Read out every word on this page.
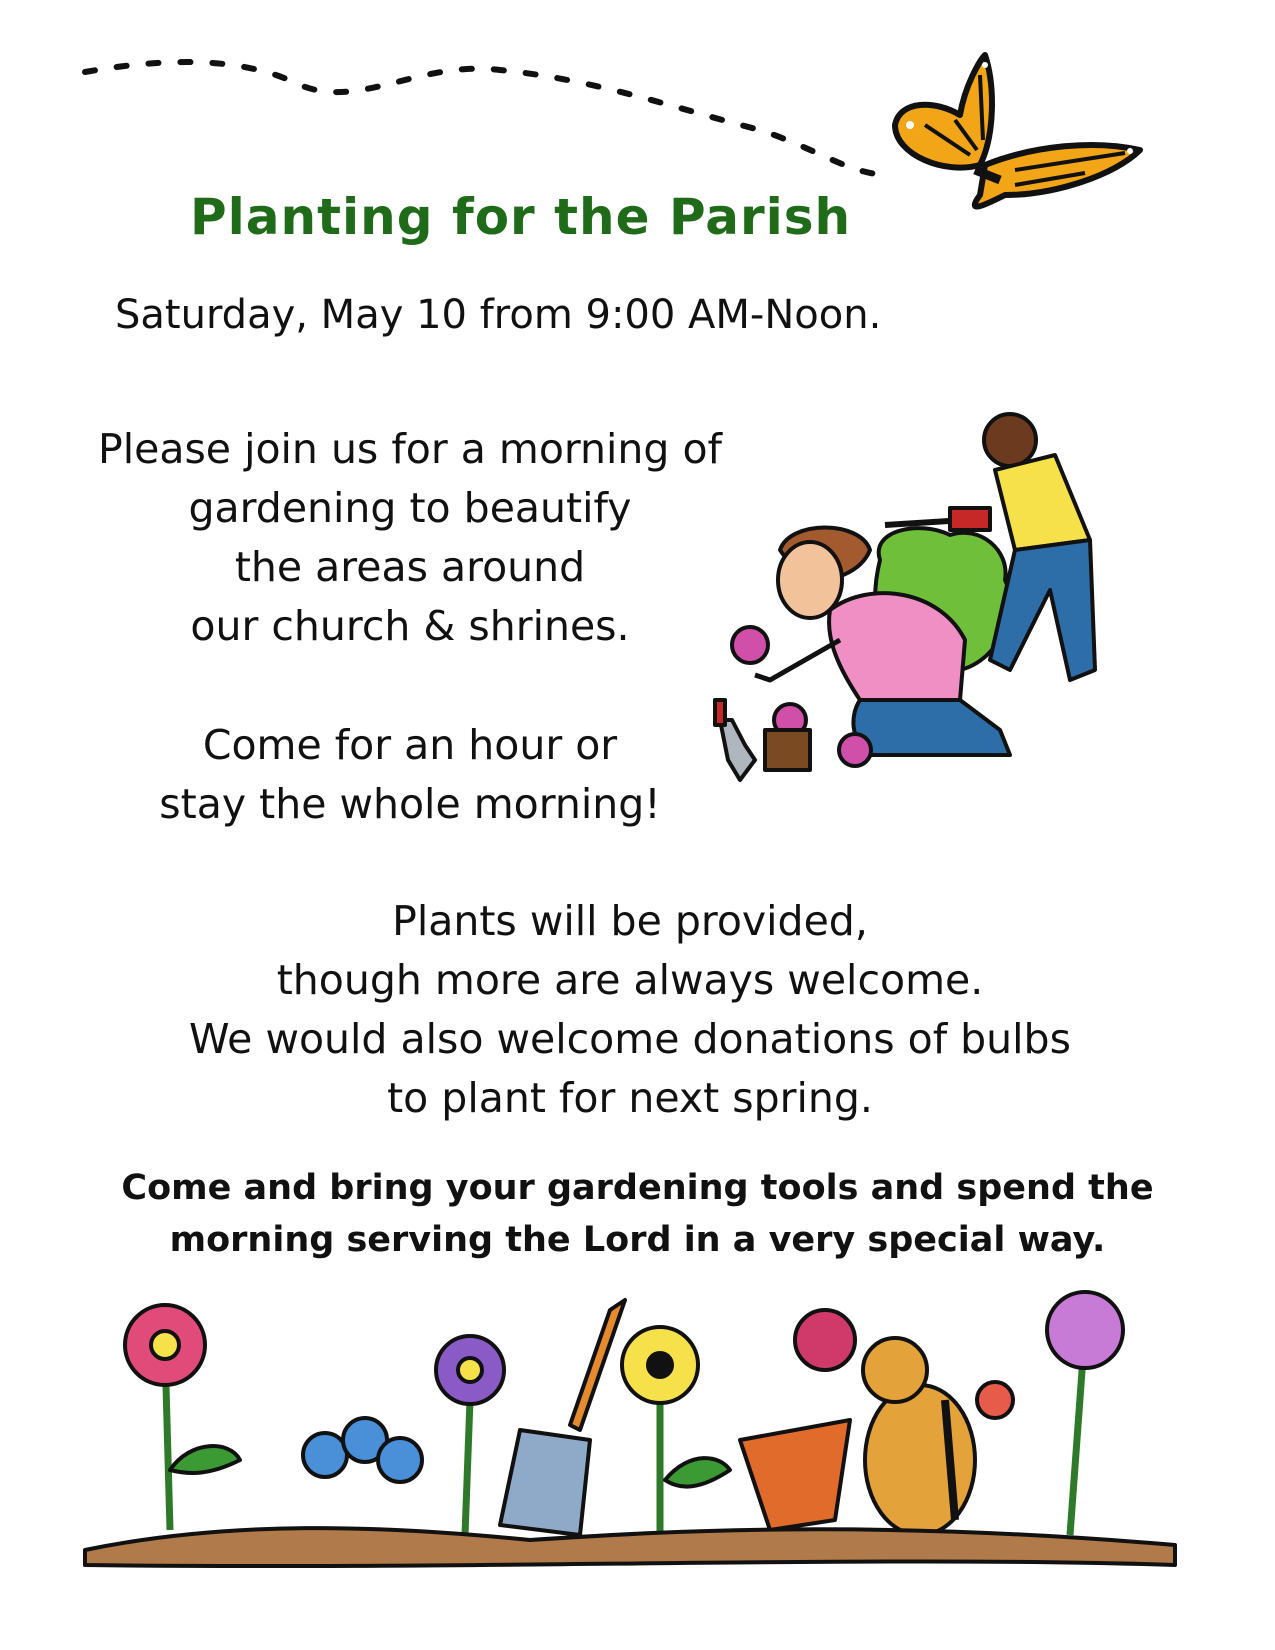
Planting for the Parish
Saturday, May 10 from 9:00 AM-Noon.
Please join us for a morning of
gardening to beautify
the areas around
our church & shrines.
Come for an hour or
stay the whole morning!
Plants will be provided,
though more are always welcome.
We would also welcome donations of bulbs
to plant for next spring.
Come and bring your gardening tools and spend the
morning serving the Lord in a very special way.
